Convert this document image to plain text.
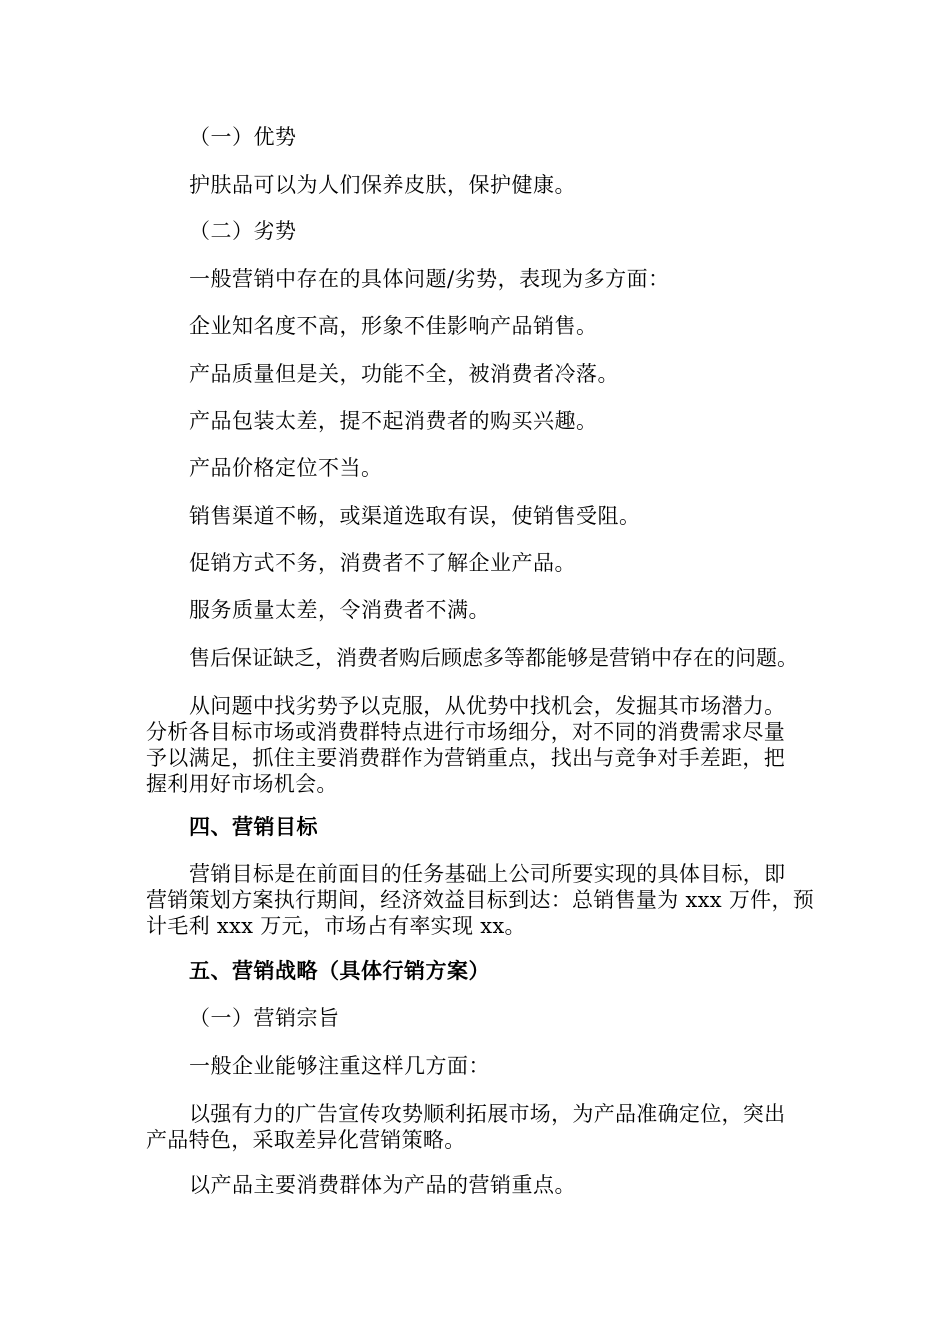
（一）优势
护肤品可以为人们保养皮肤，保护健康。
（二）劣势
一般营销中存在的具体问题/劣势，表现为多方面：
企业知名度不高，形象不佳影响产品销售。
产品质量但是关，功能不全，被消费者冷落。
产品包装太差，提不起消费者的购买兴趣。
产品价格定位不当。
销售渠道不畅，或渠道选取有误，使销售受阻。
促销方式不务，消费者不了解企业产品。
服务质量太差，令消费者不满。
售后保证缺乏，消费者购后顾虑多等都能够是营销中存在的问题。
从问题中找劣势予以克服，从优势中找机会，发掘其市场潜力。
分析各目标市场或消费群特点进行市场细分，对不同的消费需求尽量
予以满足，抓住主要消费群作为营销重点，找出与竞争对手差距，把
握利用好市场机会。
四、营销目标
营销目标是在前面目的任务基础上公司所要实现的具体目标，即
营销策划方案执行期间，经济效益目标到达：总销售量为 xxx 万件，预
计毛利 xxx 万元，市场占有率实现 xx。
五、营销战略（具体行销方案）
（一）营销宗旨
一般企业能够注重这样几方面：
以强有力的广告宣传攻势顺利拓展市场，为产品准确定位，突出
产品特色，采取差异化营销策略。
以产品主要消费群体为产品的营销重点。
